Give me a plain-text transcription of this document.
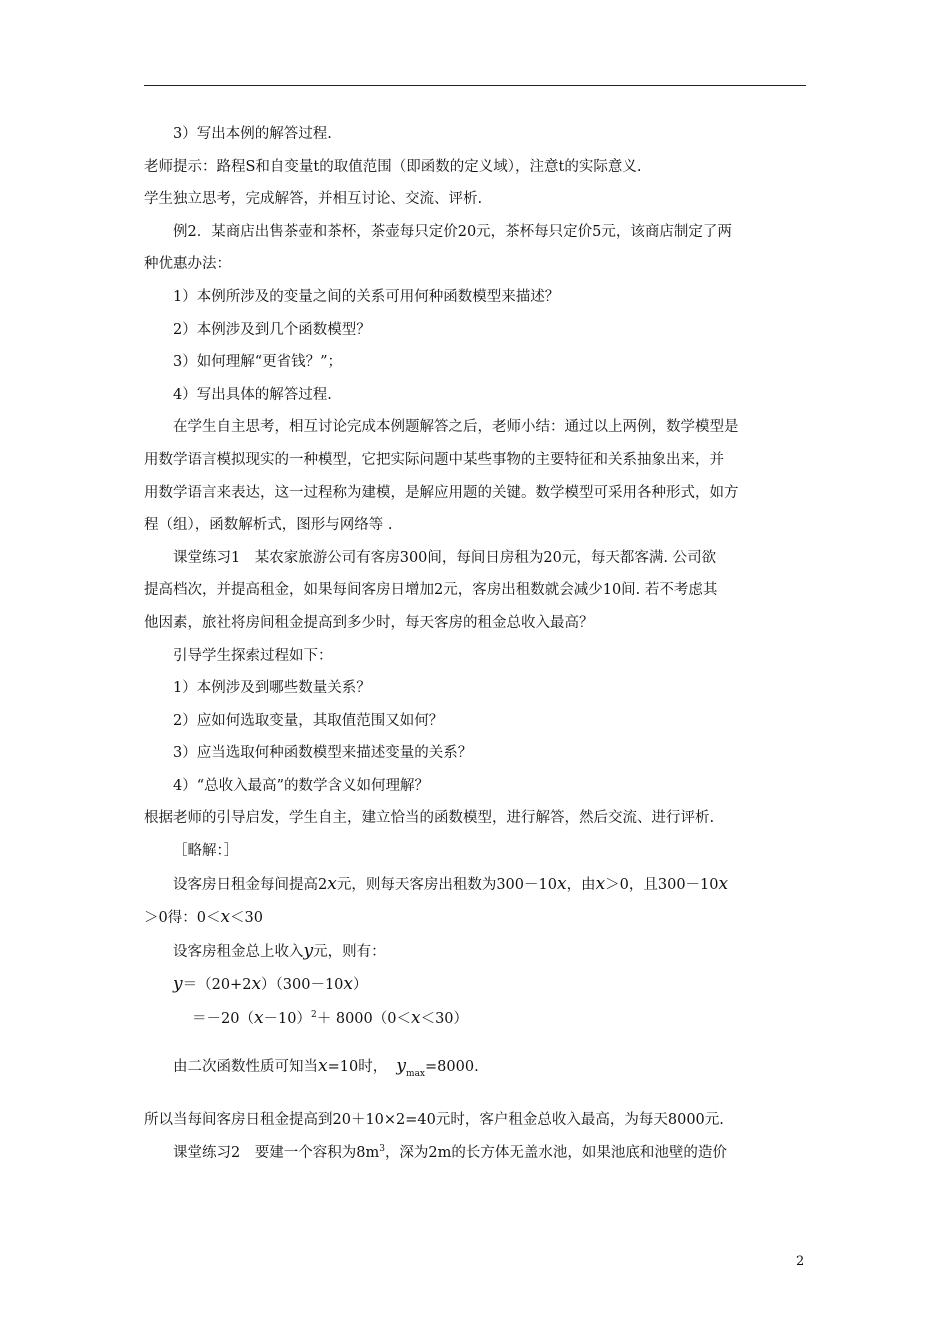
3）写出本例的解答过程.

老师提示：路程S和自变量t的取值范围（即函数的定义域），注意t的实际意义.

学生独立思考，完成解答，并相互讨论、交流、评析.

例2．某商店出售茶壶和茶杯，茶壶每只定价20元，茶杯每只定价5元，该商店制定了两

种优惠办法：

1）本例所涉及的变量之间的关系可用何种函数模型来描述？

2）本例涉及到几个函数模型？

3）如何理解“更省钱？”；

4）写出具体的解答过程.

在学生自主思考，相互讨论完成本例题解答之后，老师小结：通过以上两例，数学模型是

用数学语言模拟现实的一种模型，它把实际问题中某些事物的主要特征和关系抽象出来，并

用数学语言来表达，这一过程称为建模，是解应用题的关键。数学模型可采用各种形式，如方

程（组），函数解析式，图形与网络等 .

课堂练习1　某农家旅游公司有客房300间，每间日房租为20元，每天都客满. 公司欲

提高档次，并提高租金，如果每间客房日增加2元，客房出租数就会减少10间. 若不考虑其

他因素，旅社将房间租金提高到多少时，每天客房的租金总收入最高？

引导学生探索过程如下：

1）本例涉及到哪些数量关系？

2）应如何选取变量，其取值范围又如何？

3）应当选取何种函数模型来描述变量的关系？

4）“总收入最高”的数学含义如何理解？

根据老师的引导启发，学生自主，建立恰当的函数模型，进行解答，然后交流、进行评析.

［略解：］

设客房日租金每间提高2x元，则每天客房出租数为300－10x，由x＞0，且300－10x

＞0得：0＜x＜30

设客房租金总上收入y元，则有：

y＝（20+2x）（300－10x）

$=-20(x-10)^2+ 8000(0<x<30)$

由二次函数性质可知当x=10时， $y_{max}=8000$.

所以当每间客房日租金提高到20＋10×2=40元时，客户租金总收入最高，为每天8000元.

课堂练习2　要建一个容积为$8m^3$，深为2m的长方体无盖水池，如果池底和池壁的造价

2
